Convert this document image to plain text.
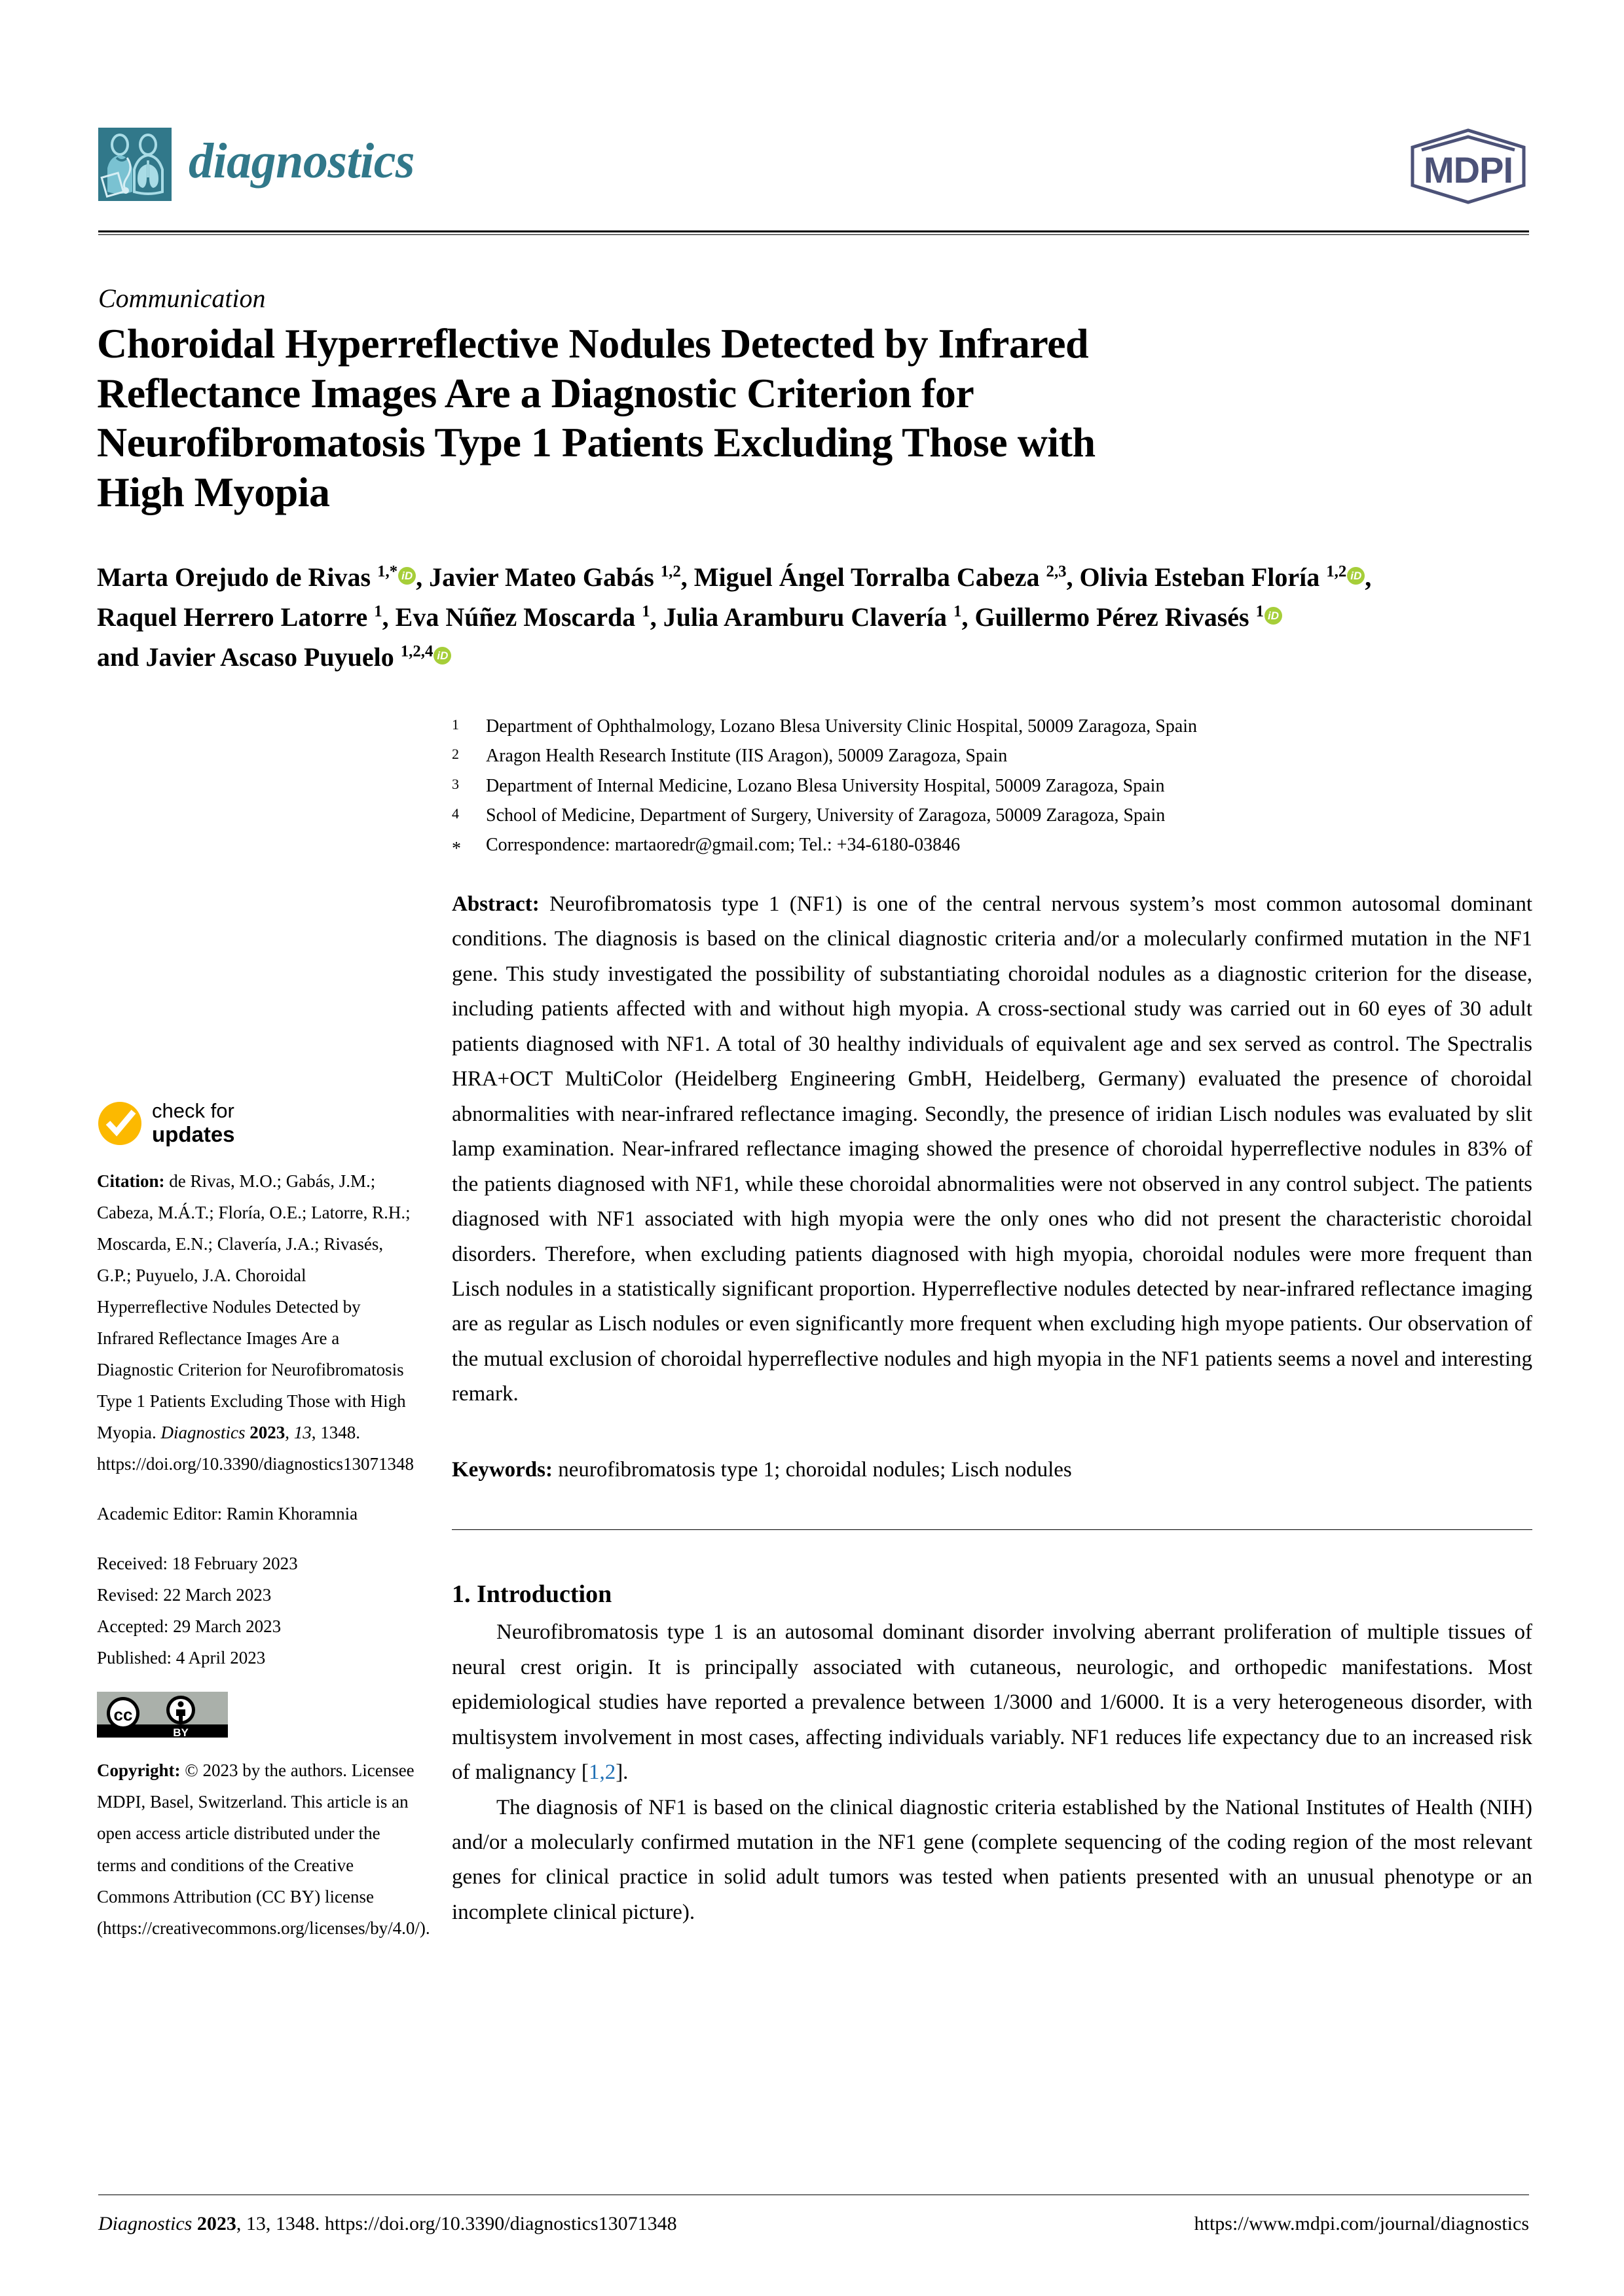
diagnostics	MDPI
Communication
Choroidal Hyperreflective Nodules Detected by Infrared
Reflectance Images Are a Diagnostic Criterion for
Neurofibromatosis Type 1 Patients Excluding Those with
High Myopia
Marta Orejudo de Rivas $^{1,*}$ iD , Javier Mateo Gabás $^{1,2}$, Miguel Ángel Torralba Cabeza $^{2,3}$, Olivia Esteban Floría $^{1,2}$ iD ,
Raquel Herrero Latorre $^1$, Eva Núñez Moscarda $^1$, Julia Aramburu Clavería $^1$, Guillermo Pérez Rivasés $^1$ iD
and Javier Ascaso Puyuelo $^{1,2,4}$ iD
1	Department of Ophthalmology, Lozano Blesa University Clinic Hospital, 50009 Zaragoza, Spain
2	Aragon Health Research Institute (IIS Aragon), 50009 Zaragoza, Spain
3	Department of Internal Medicine, Lozano Blesa University Hospital, 50009 Zaragoza, Spain
4	School of Medicine, Department of Surgery, University of Zaragoza, 50009 Zaragoza, Spain
*	Correspondence: martaoredr@gmail.com; Tel.: +34-6180-03846
check for
updates

Citation: de Rivas, M.O.; Gabás, J.M.; Cabeza, M.Á.T.; Floría, O.E.; Latorre, R.H.; Moscarda, E.N.; Clavería, J.A.; Rivasés, G.P.; Puyuelo, J.A. Choroidal Hyperreflective Nodules Detected by Infrared Reflectance Images Are a Diagnostic Criterion for Neurofibromatosis Type 1 Patients Excluding Those with High Myopia. Diagnostics 2023, 13, 1348. https://doi.org/10.3390/diagnostics13071348

Academic Editor: Ramin Khoramnia

Received: 18 February 2023
Revised: 22 March 2023
Accepted: 29 March 2023
Published: 4 April 2023
cc
BY

Copyright: © 2023 by the authors. Licensee MDPI, Basel, Switzerland. This article is an open access article distributed under the terms and conditions of the Creative Commons Attribution (CC BY) license (https://creativecommons.org/licenses/by/4.0/).

Abstract: Neurofibromatosis type 1 (NF1) is one of the central nervous system’s most common autosomal dominant conditions. The diagnosis is based on the clinical diagnostic criteria and/or a molecularly confirmed mutation in the NF1 gene. This study investigated the possibility of substantiating choroidal nodules as a diagnostic criterion for the disease, including patients affected with and without high myopia. A cross-sectional study was carried out in 60 eyes of 30 adult patients diagnosed with NF1. A total of 30 healthy individuals of equivalent age and sex served as control. The Spectralis HRA+OCT MultiColor (Heidelberg Engineering GmbH, Heidelberg, Germany) evaluated the presence of choroidal abnormalities with near-infrared reflectance imaging. Secondly, the presence of iridian Lisch nodules was evaluated by slit lamp examination. Near-infrared reflectance imaging showed the presence of choroidal hyperreflective nodules in 83% of the patients diagnosed with NF1, while these choroidal abnormalities were not observed in any control subject. The patients diagnosed with NF1 associated with high myopia were the only ones who did not present the characteristic choroidal disorders. Therefore, when excluding patients diagnosed with high myopia, choroidal nodules were more frequent than Lisch nodules in a statistically significant proportion. Hyperreflective nodules detected by near-infrared reflectance imaging are as regular as Lisch nodules or even significantly more frequent when excluding high myope patients. Our observation of the mutual exclusion of choroidal hyperreflective nodules and high myopia in the NF1 patients seems a novel and interesting remark.

Keywords: neurofibromatosis type 1; choroidal nodules; Lisch nodules
1. Introduction

Neurofibromatosis type 1 is an autosomal dominant disorder involving aberrant proliferation of multiple tissues of neural crest origin. It is principally associated with cutaneous, neurologic, and orthopedic manifestations. Most epidemiological studies have reported a prevalence between 1/3000 and 1/6000. It is a very heterogeneous disorder, with multisystem involvement in most cases, affecting individuals variably. NF1 reduces life expectancy due to an increased risk of malignancy [1,2].

The diagnosis of NF1 is based on the clinical diagnostic criteria established by the National Institutes of Health (NIH) and/or a molecularly confirmed mutation in the NF1 gene (complete sequencing of the coding region of the most relevant genes for clinical practice in solid adult tumors was tested when patients presented with an unusual phenotype or an incomplete clinical picture).

Diagnostics 2023, 13, 1348. https://doi.org/10.3390/diagnostics13071348	https://www.mdpi.com/journal/diagnostics
